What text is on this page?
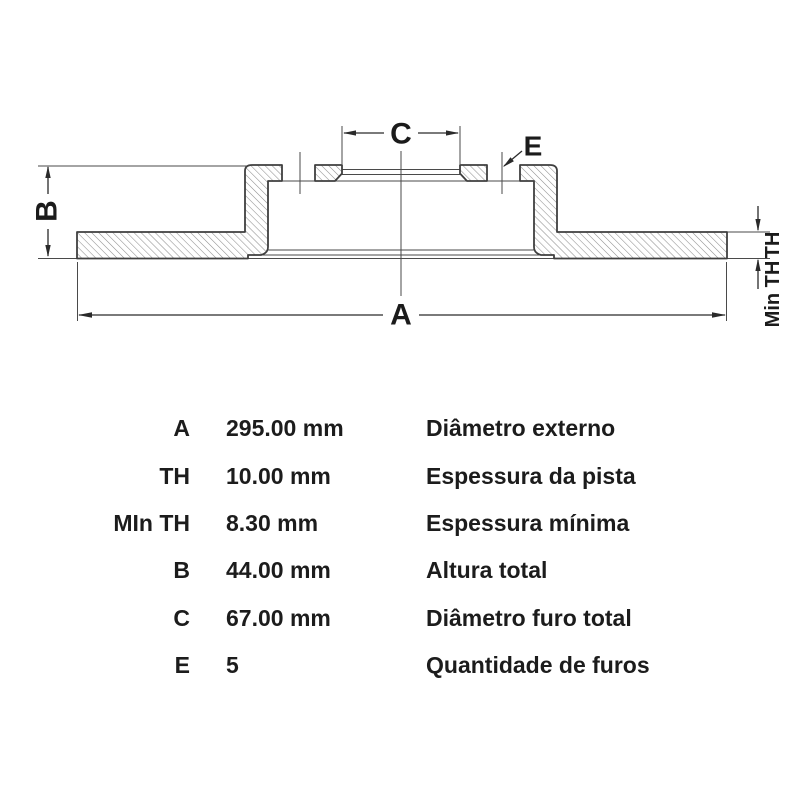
C	E
A
B
TH
Min TH
A 295.00 mm	Diâmetro externo
TH 10.00 mm	Espessura da pista
MIn TH 8.30 mm	Espessura mínima
B 44.00 mm	Altura total
C 67.00 mm	Diâmetro furo total
E 5	Quantidade de furos
